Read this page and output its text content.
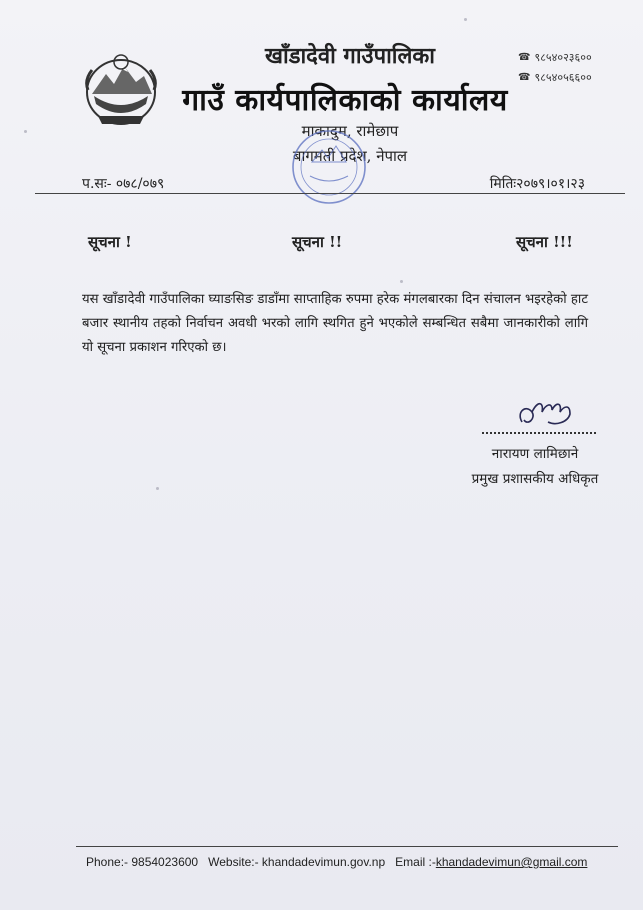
खाँडादेवी गाउँपालिका
गाउँ कार्यपालिकाको कार्यालय
माकादुम, रामेछाप
बागमती प्रदेश, नेपाल
☎ ९८५४०२३६००
☎ ९८५४०५६६००
प.सः- ०७८/०७९	मितिः२०७९।०१।२३
सूचना !	सूचना !!	सूचना !!!
यस खाँडादेवी गाउँपालिका घ्याङसिङ डाडाँमा साप्ताहिक रुपमा हरेक मंगलबारका दिन संचालन भइरहेको हाट बजार स्थानीय तहको निर्वाचन अवधी भरको लागि स्थगित हुने भएकोले सम्बन्धित सबैमा जानकारीको लागि यो सूचना प्रकाशन गरिएको छ।
नारायण लामिछाने
प्रमुख प्रशासकीय अधिकृत
Phone:- 9854023600 Website:- khandadevimun.gov.np Email :-khandadevimun@gmail.com
